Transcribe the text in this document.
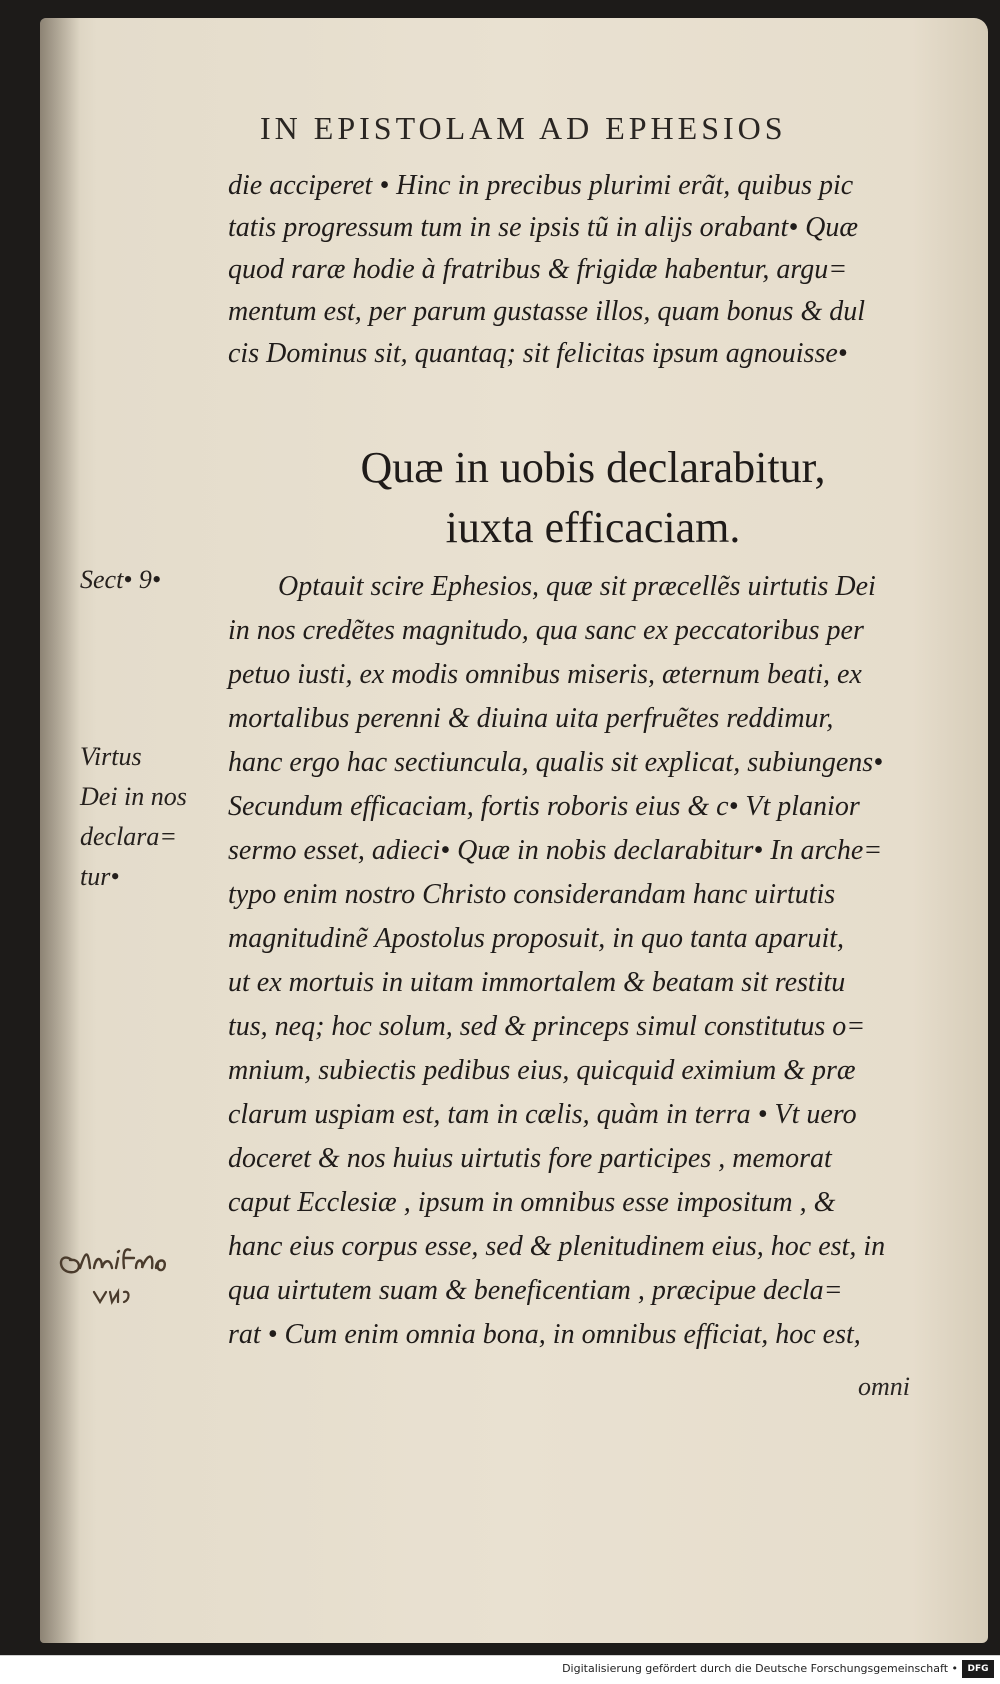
IN EPISTOLAM AD EPHESIOS
die acciperet • Hinc in precibus plurimi erãt, quibus pic
tatis progressum tum in se ipsis tũ in alijs orabant• Quæ
quod raræ hodie à fratribus & frigidæ habentur, argu=
mentum est, per parum gustasse illos, quam bonus & dul
cis Dominus sit, quantaq; sit felicitas ipsum agnouisse•
Quæ in uobis declarabitur,
iuxta efficaciam.
Sect• 9•
Virtus
Dei in nos
declara=
tur•
Optauit scire Ephesios, quæ sit præcellẽs uirtutis Dei
in nos credẽtes magnitudo, qua sanc ex peccatoribus per
petuo iusti, ex modis omnibus miseris, æternum beati, ex
mortalibus perenni & diuina uita perfruẽtes reddimur,
hanc ergo hac sectiuncula, qualis sit explicat, subiungens•
Secundum efficaciam, fortis roboris eius & c• Vt planior
sermo esset, adieci• Quæ in nobis declarabitur• In arche=
typo enim nostro Christo considerandam hanc uirtutis
magnitudinẽ Apostolus proposuit, in quo tanta aparuit,
ut ex mortuis in uitam immortalem & beatam sit restitu
tus, neq; hoc solum, sed & princeps simul constitutus o=
mnium, subiectis pedibus eius, quicquid eximium & præ
clarum uspiam est, tam in cælis, quàm in terra • Vt uero
doceret & nos huius uirtutis fore participes , memorat
caput Ecclesiæ , ipsum in omnibus esse impositum , &
hanc eius corpus esse, sed & plenitudinem eius, hoc est, in
qua uirtutem suam & beneficentiam , præcipue decla=
rat • Cum enim omnia bona, in omnibus efficiat, hoc est,
omni
Digitalisierung gefördert durch die Deutsche Forschungsgemeinschaft •	DFG
